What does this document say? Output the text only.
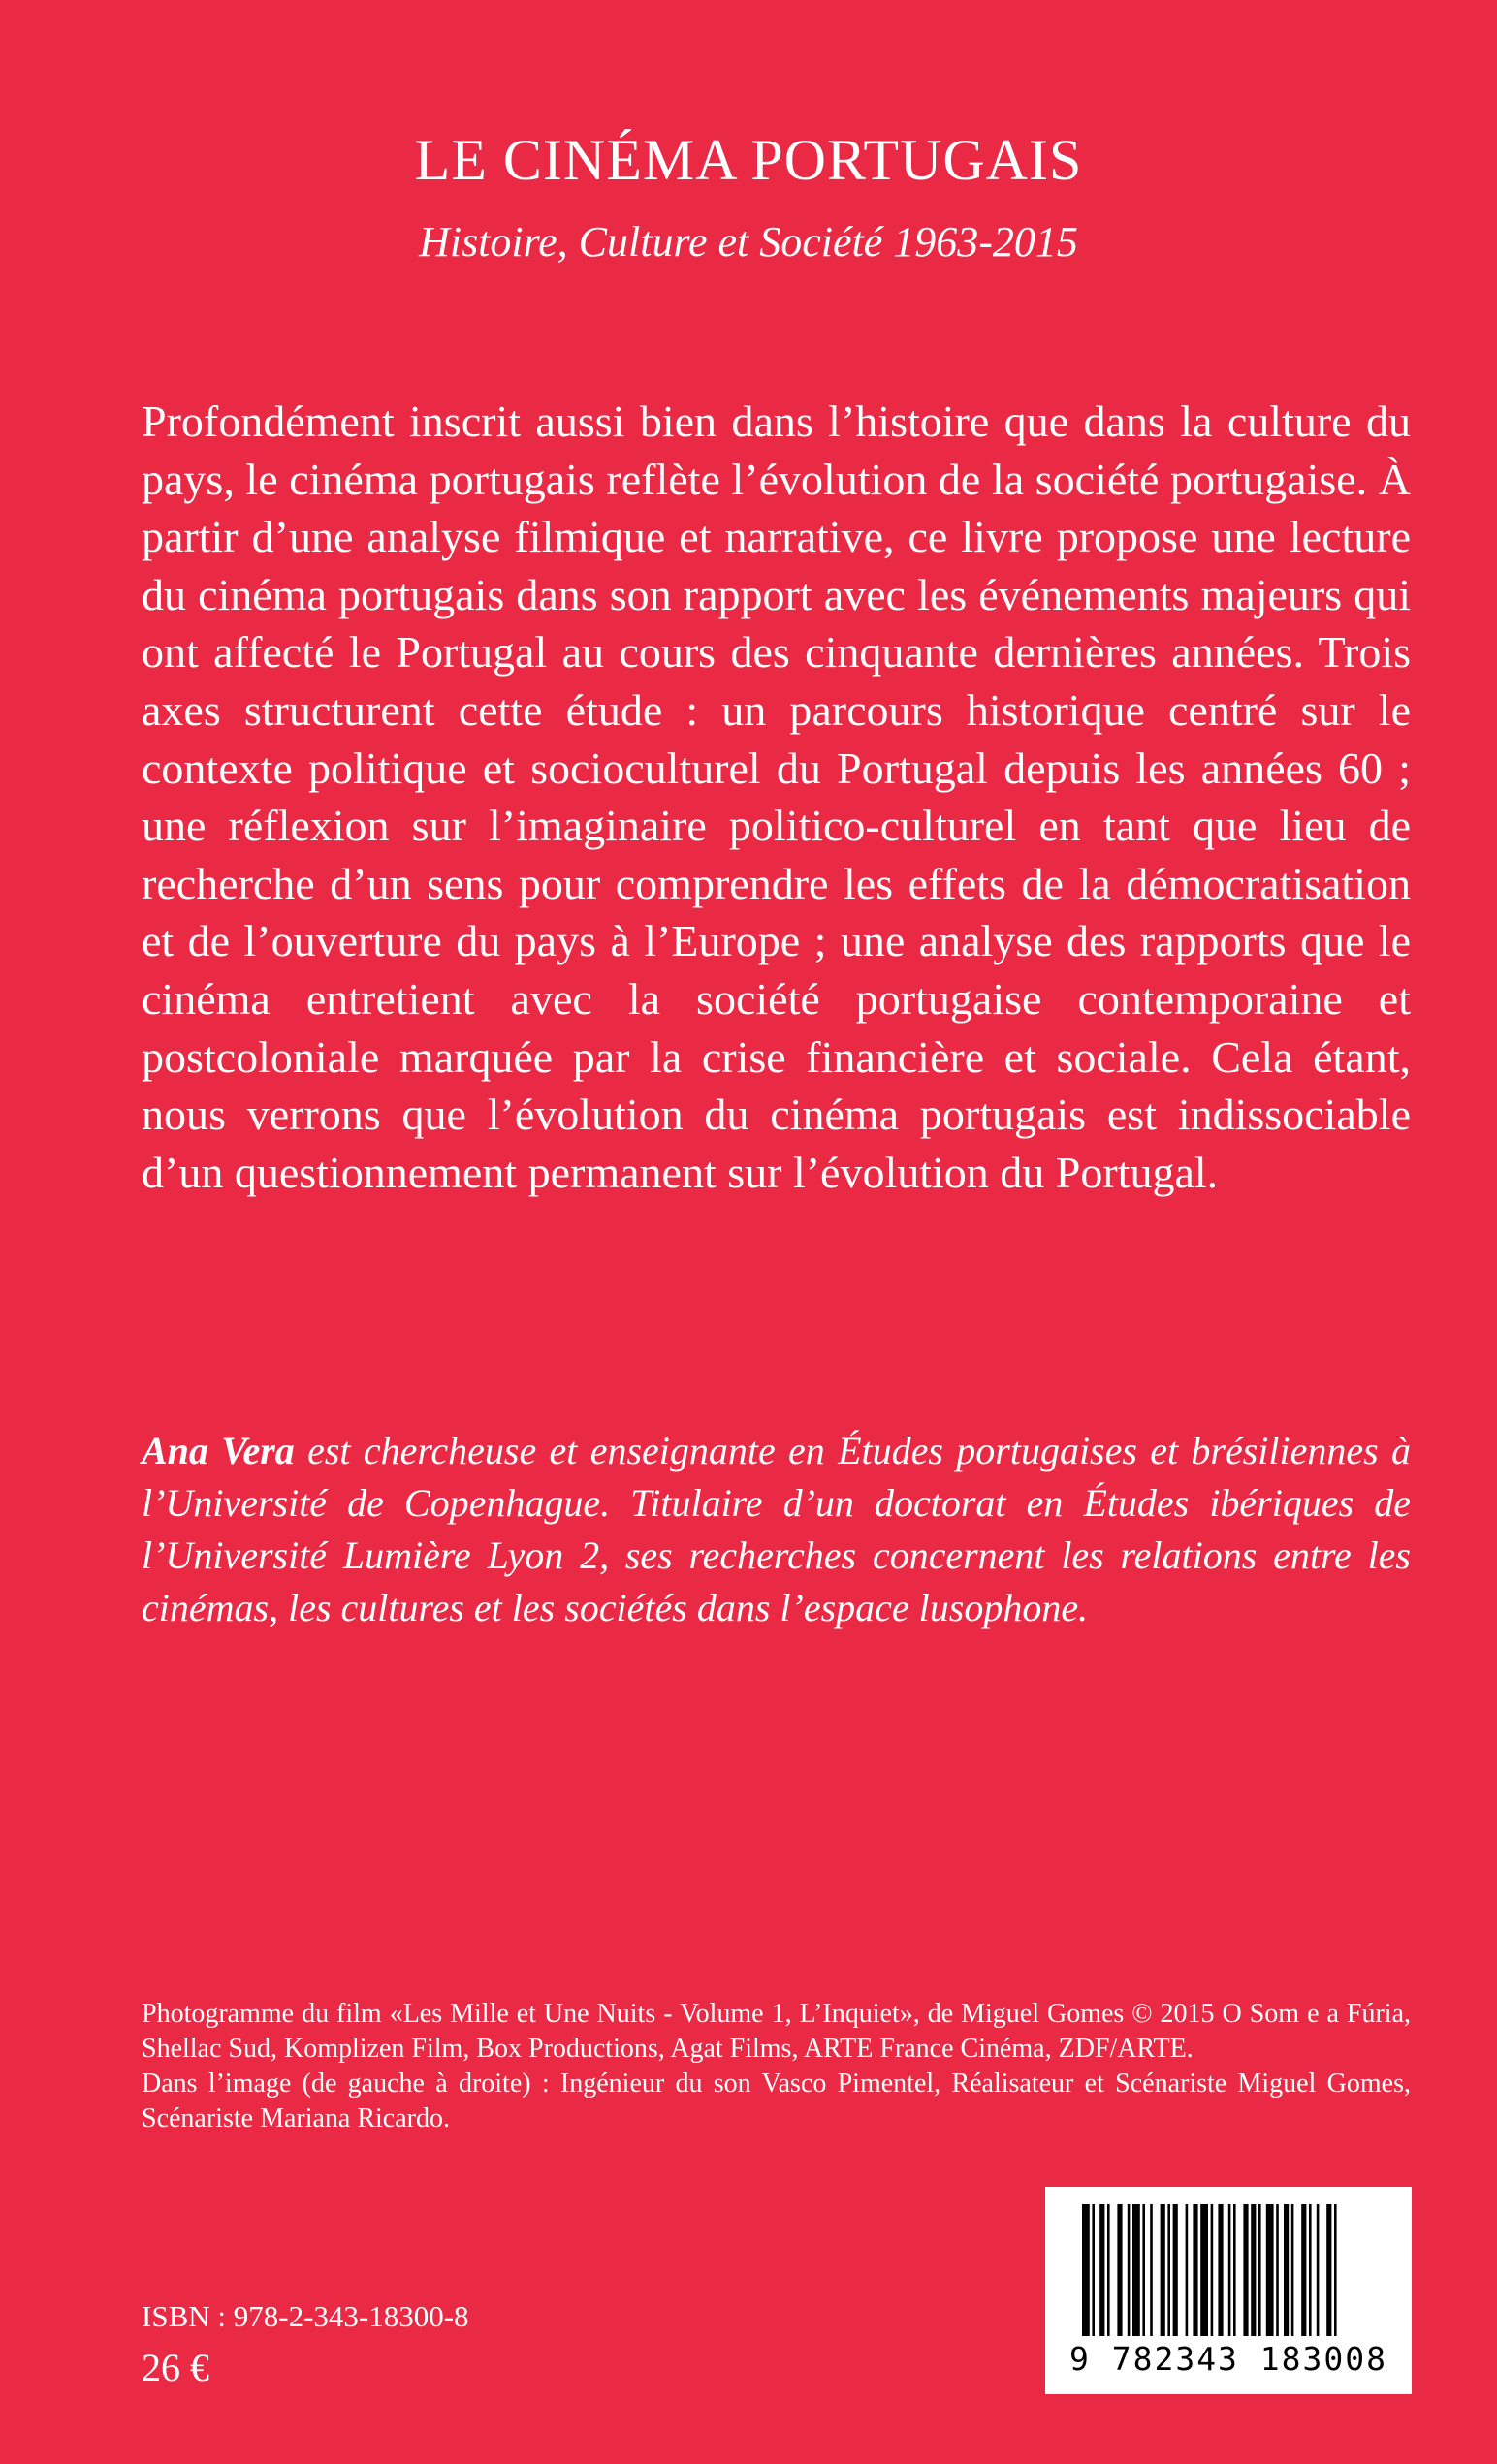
LE CINÉMA PORTUGAIS
Histoire, Culture et Société 1963-2015

Profondément inscrit aussi bien dans l’histoire que dans la culture du pays, le cinéma portugais reflète l’évolution de la société portugaise. À partir d’une analyse filmique et narrative, ce livre propose une lecture du cinéma portugais dans son rapport avec les événements majeurs qui ont affecté le Portugal au cours des cinquante dernières années. Trois axes structurent cette étude : un parcours historique centré sur le contexte politique et socioculturel du Portugal depuis les années 60 ; une réflexion sur l’imaginaire politico-culturel en tant que lieu de recherche d’un sens pour comprendre les effets de la démocratisation et de l’ouverture du pays à l’Europe ; une analyse des rapports que le cinéma entretient avec la société portugaise contemporaine et postcoloniale marquée par la crise financière et sociale. Cela étant, nous verrons que l’évolution du cinéma portugais est indissociable d’un questionnement permanent sur l’évolution du Portugal.

Ana Vera est chercheuse et enseignante en Études portugaises et brésiliennes à l’Université de Copenhague. Titulaire d’un doctorat en Études ibériques de l’Université Lumière Lyon 2, ses recherches concernent les relations entre les cinémas, les cultures et les sociétés dans l’espace lusophone.

Photogramme du film «Les Mille et Une Nuits - Volume 1, L’Inquiet», de Miguel Gomes © 2015 O Som e a Fúria, Shellac Sud, Komplizen Film, Box Productions, Agat Films, ARTE France Cinéma, ZDF/ARTE.

Dans l’image (de gauche à droite) : Ingénieur du son Vasco Pimentel, Réalisateur et Scénariste Miguel Gomes, Scénariste Mariana Ricardo.

ISBN : 978-2-343-18300-8
26 €	9 782343 183008
